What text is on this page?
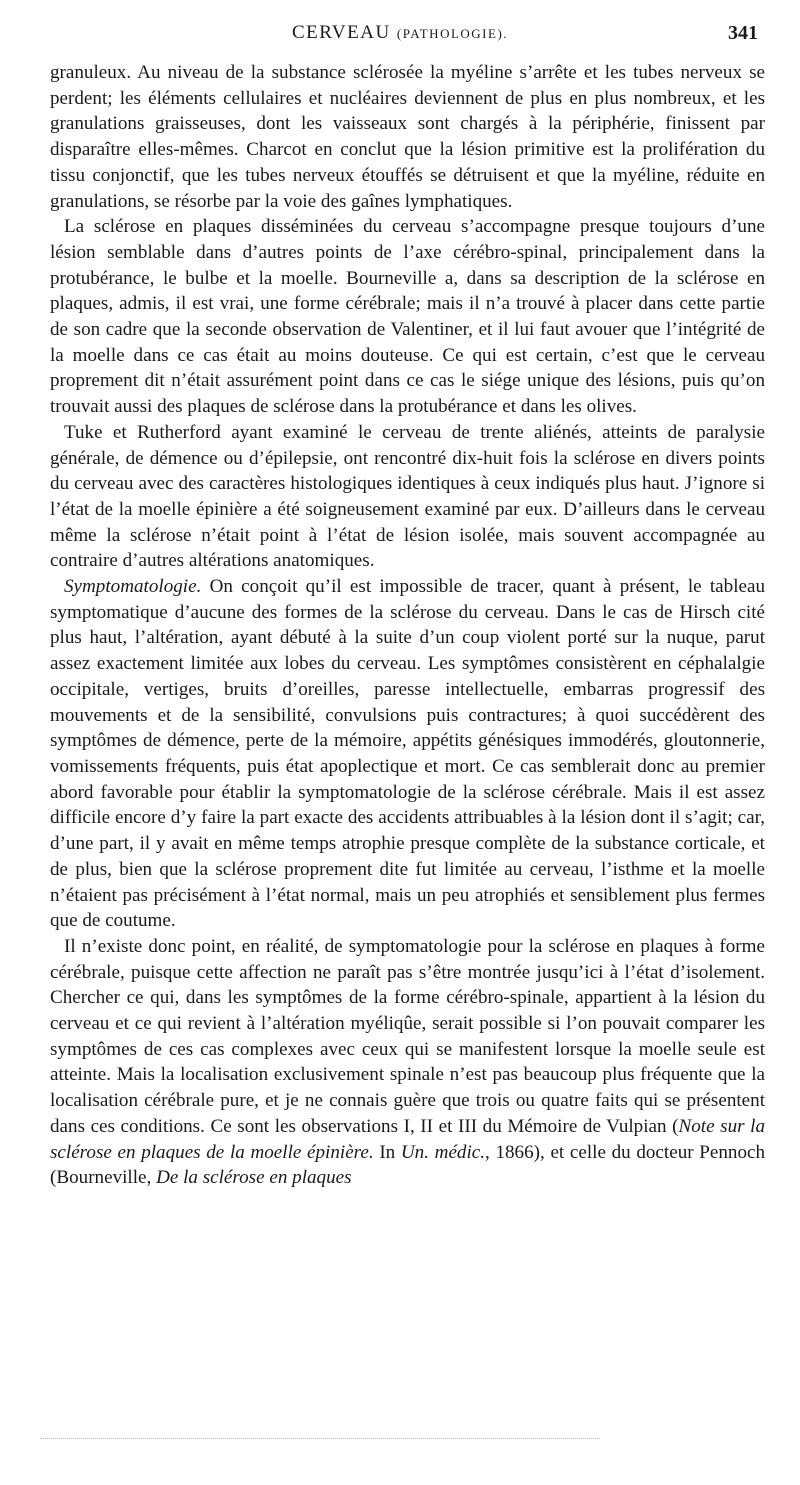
CERVEAU (PATHOLOGIE).	341

granuleux. Au niveau de la substance sclérosée la myéline s’arrête et les tubes nerveux se perdent; les éléments cellulaires et nucléaires deviennent de plus en plus nombreux, et les granulations graisseuses, dont les vaisseaux sont chargés à la périphérie, finissent par disparaître elles-mêmes. Charcot en conclut que la lésion primitive est la prolifération du tissu conjonctif, que les tubes nerveux étouffés se détruisent et que la myéline, réduite en granulations, se résorbe par la voie des gaînes lymphatiques.

La sclérose en plaques disséminées du cerveau s’accompagne presque toujours d’une lésion semblable dans d’autres points de l’axe cérébro-spinal, principalement dans la protubérance, le bulbe et la moelle. Bourneville a, dans sa description de la sclérose en plaques, admis, il est vrai, une forme cérébrale; mais il n’a trouvé à placer dans cette partie de son cadre que la seconde observation de Valentiner, et il lui faut avouer que l’intégrité de la moelle dans ce cas était au moins douteuse. Ce qui est certain, c’est que le cerveau proprement dit n’était assurément point dans ce cas le siége unique des lésions, puis qu’on trouvait aussi des plaques de sclérose dans la protubérance et dans les olives.

Tuke et Rutherford ayant examiné le cerveau de trente aliénés, atteints de paralysie générale, de démence ou d’épilepsie, ont rencontré dix-huit fois la sclérose en divers points du cerveau avec des caractères histologiques identiques à ceux indiqués plus haut. J’ignore si l’état de la moelle épinière a été soigneusement examiné par eux. D’ailleurs dans le cerveau même la sclérose n’était point à l’état de lésion isolée, mais souvent accompagnée au contraire d’autres altérations anatomiques.

Symptomatologie. On conçoit qu’il est impossible de tracer, quant à présent, le tableau symptomatique d’aucune des formes de la sclérose du cerveau. Dans le cas de Hirsch cité plus haut, l’altération, ayant débuté à la suite d’un coup violent porté sur la nuque, parut assez exactement limitée aux lobes du cerveau. Les symptômes consistèrent en céphalalgie occipitale, vertiges, bruits d’oreilles, paresse intellectuelle, embarras progressif des mouvements et de la sensibilité, convulsions puis contractures; à quoi succédèrent des symptômes de démence, perte de la mémoire, appétits génésiques immodérés, gloutonnerie, vomissements fréquents, puis état apoplectique et mort. Ce cas semblerait donc au premier abord favorable pour établir la symptomatologie de la sclérose cérébrale. Mais il est assez difficile encore d’y faire la part exacte des accidents attribuables à la lésion dont il s’agit; car, d’une part, il y avait en même temps atrophie presque complète de la substance corticale, et de plus, bien que la sclérose proprement dite fut limitée au cerveau, l’isthme et la moelle n’étaient pas précisément à l’état normal, mais un peu atrophiés et sensiblement plus fermes que de coutume.

Il n’existe donc point, en réalité, de symptomatologie pour la sclérose en plaques à forme cérébrale, puisque cette affection ne paraît pas s’être montrée jusqu’ici à l’état d’isolement. Chercher ce qui, dans les symptômes de la forme cérébro-spinale, appartient à la lésion du cerveau et ce qui revient à l’altération myéliqûe, serait possible si l’on pouvait comparer les symptômes de ces cas complexes avec ceux qui se manifestent lorsque la moelle seule est atteinte. Mais la localisation exclusivement spinale n’est pas beaucoup plus fréquente que la localisation cérébrale pure, et je ne connais guère que trois ou quatre faits qui se présentent dans ces conditions. Ce sont les observations I, II et III du Mémoire de Vulpian (Note sur la sclérose en plaques de la moelle épinière. In Un. médic., 1866), et celle du docteur Pennoch (Bourneville, De la sclérose en plaques
